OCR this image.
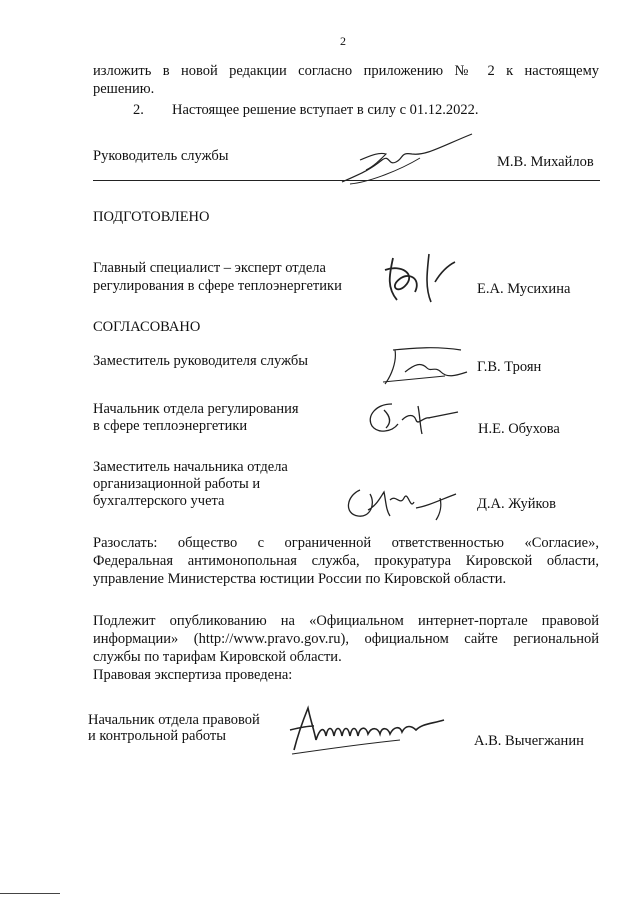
2
изложить в новой редакции согласно приложению № 2 к настоящему
решению.
2. Настоящее решение вступает в силу с 01.12.2022.
Руководитель службы	М.В. Михайлов
ПОДГОТОВЛЕНО
Главный специалист – эксперт отдела
регулирования в сфере теплоэнергетики	Е.А. Мусихина
СОГЛАСОВАНО
Заместитель руководителя службы	Г.В. Троян
Начальник отдела регулирования
в сфере теплоэнергетики	Н.Е. Обухова
Заместитель начальника отдела
организационной работы и
бухгалтерского учета	Д.А. Жуйков
Разослать: общество с ограниченной ответственностью «Согласие»,
Федеральная антимонопольная служба, прокуратура Кировской области,
управление Министерства юстиции России по Кировской области.
Подлежит опубликованию на «Официальном интернет-портале правовой
информации» (http://www.pravo.gov.ru), официальном сайте региональной
службы по тарифам Кировской области.
Правовая экспертиза проведена:
Начальник отдела правовой
и контрольной работы	А.В. Вычегжанин
